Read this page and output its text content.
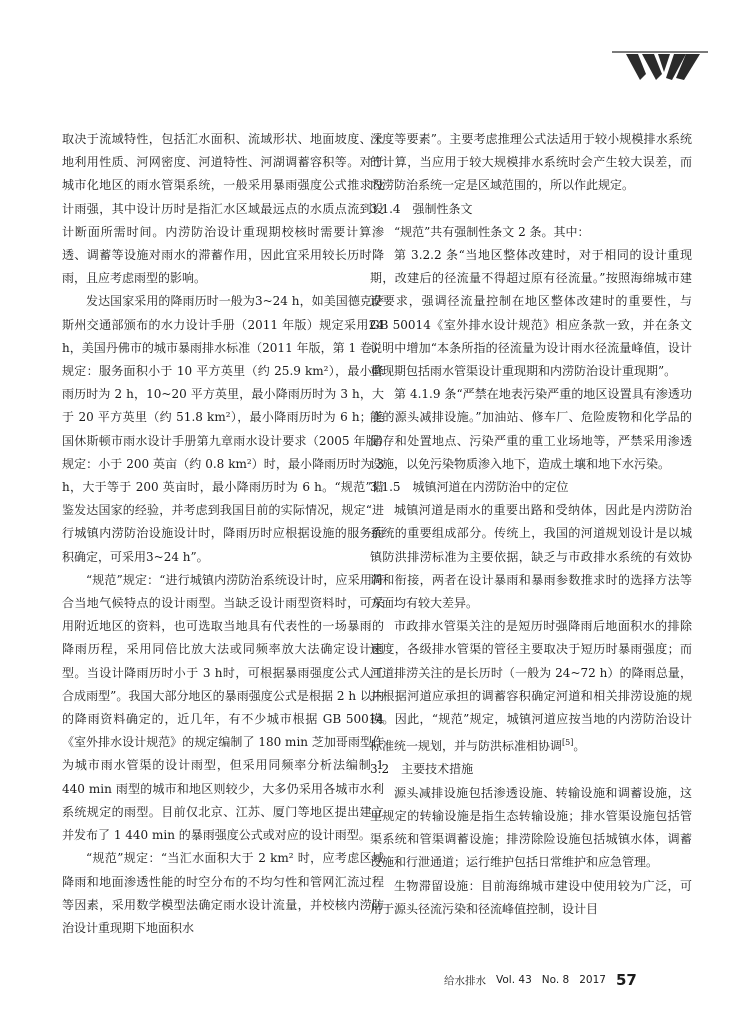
取决于流域特性，包括汇水面积、流域形状、地面坡度、土地利用性质、河网密度、河道特性、河湖调蓄容积等。对于城市化地区的雨水管渠系统，一般采用暴雨强度公式推求设计雨强，其中设计历时是指汇水区域最远点的水质点流到设计断面所需时间。内涝防治设计重现期校核时需要计算渗透、调蓄等设施对雨水的滞蓄作用，因此宜采用较长历时降雨，且应考虑雨型的影响。

发达国家采用的降雨历时一般为3~24 h，如美国德克萨斯州交通部颁布的水力设计手册（2011 年版）规定采用24 h，美国丹佛市的城市暴雨排水标准（2011 年版，第 1 卷）规定：服务面积小于 10 平方英里（约 25.9 km²），最小降雨历时为 2 h，10~20 平方英里，最小降雨历时为 3 h，大于 20 平方英里（约 51.8 km²），最小降雨历时为 6 h；美国休斯顿市雨水设计手册第九章雨水设计要求（2005 年版）规定：小于 200 英亩（约 0.8 km²）时，最小降雨历时为 3 h，大于等于 200 英亩时，最小降雨历时为 6 h。“规范”借鉴发达国家的经验，并考虑到我国目前的实际情况，规定“进行城镇内涝防治设施设计时，降雨历时应根据设施的服务面积确定，可采用3~24 h”。

“规范”规定：“进行城镇内涝防治系统设计时，应采用符合当地气候特点的设计雨型。当缺乏设计雨型资料时，可采用附近地区的资料，也可选取当地具有代表性的一场暴雨的降雨历程，采用同倍比放大法或同频率放大法确定设计雨型。当设计降雨历时小于 3 h时，可根据暴雨强度公式人工合成雨型”。我国大部分地区的暴雨强度公式是根据 2 h 以内的降雨资料确定的，近几年，有不少城市根据 GB 50014《室外排水设计规范》的规定编制了 180 min 芝加哥雨型作为城市雨水管渠的设计雨型，但采用同频率分析法编制 1 440 min 雨型的城市和地区则较少，大多仍采用各城市水利系统规定的雨型。目前仅北京、江苏、厦门等地区提出建立并发布了 1 440 min 的暴雨强度公式或对应的设计雨型。

“规范”规定：“当汇水面积大于 2 km² 时，应考虑区域降雨和地面渗透性能的时空分布的不均匀性和管网汇流过程等因素，采用数学模型法确定雨水设计流量，并校核内涝防治设计重现期下地面积水

深度等要素”。主要考虑推理公式法适用于较小规模排水系统的计算，当应用于较大规模排水系统时会产生较大误差，而内涝防治系统一定是区域范围的，所以作此规定。

3.1.4　强制性条文

“规范”共有强制性条文 2 条。其中：

第 3.2.2 条“当地区整体改建时，对于相同的设计重现期，改建后的径流量不得超过原有径流量。”按照海绵城市建设要求，强调径流量控制在地区整体改建时的重要性，与 GB 50014《室外排水设计规范》相应条款一致，并在条文说明中增加“本条所指的径流量为设计雨水径流量峰值，设计重现期包括雨水管渠设计重现期和内涝防治设计重现期”。

第 4.1.9 条“严禁在地表污染严重的地区设置具有渗透功能的源头减排设施。”加油站、修车厂、危险废物和化学品的储存和处置地点、污染严重的重工业场地等，严禁采用渗透设施，以免污染物质渗入地下，造成土壤和地下水污染。

3.1.5　城镇河道在内涝防治中的定位

城镇河道是雨水的重要出路和受纳体，因此是内涝防治系统的重要组成部分。传统上，我国的河道规划设计是以城镇防洪排涝标准为主要依据，缺乏与市政排水系统的有效协调和衔接，两者在设计暴雨和暴雨参数推求时的选择方法等方面均有较大差异。

市政排水管渠关注的是短历时强降雨后地面积水的排除速度，各级排水管渠的管径主要取决于短历时暴雨强度；而河道排涝关注的是长历时（一般为 24~72 h）的降雨总量，并根据河道应承担的调蓄容积确定河道和相关排涝设施的规模。因此，“规范”规定，城镇河道应按当地的内涝防治设计标准统一规划，并与防洪标准相协调[5]。

3.2　主要技术措施

源头减排设施包括渗透设施、转输设施和调蓄设施，这里规定的转输设施是指生态转输设施；排水管渠设施包括管渠系统和管渠调蓄设施；排涝除险设施包括城镇水体，调蓄设施和行泄通道；运行维护包括日常维护和应急管理。

生物滞留设施：目前海绵城市建设中使用较为广泛，可用于源头径流污染和径流峰值控制，设计目

给水排水 Vol. 43 No. 8 2017 57
